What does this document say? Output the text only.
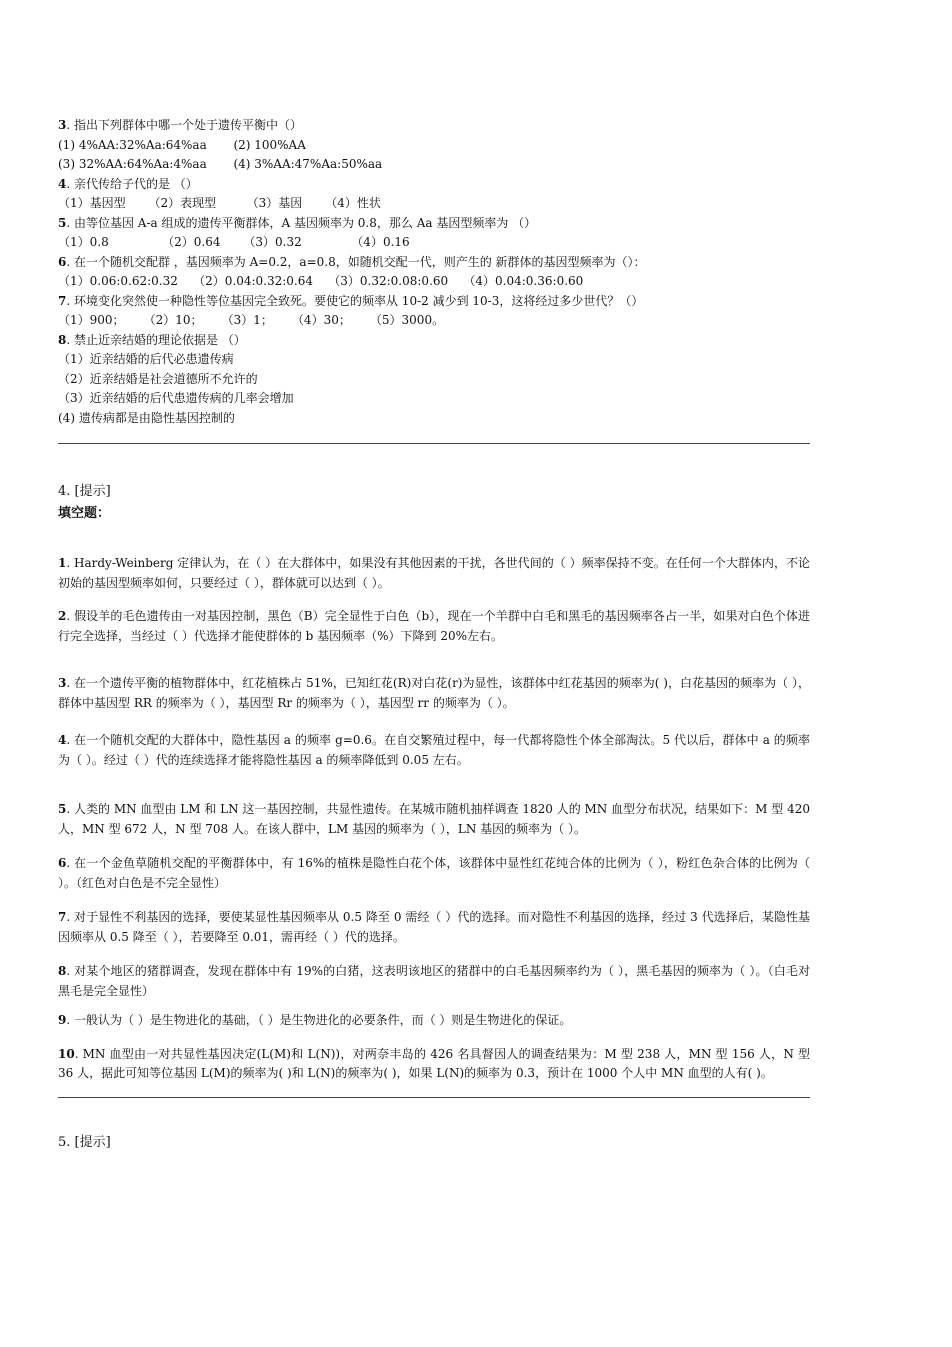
3. 指出下列群体中哪一个处于遗传平衡中（）
(1) 4%AA:32%Aa:64%aa       (2) 100%AA
(3) 32%AA:64%Aa:4%aa       (4) 3%AA:47%Aa:50%aa
4. 亲代传给子代的是 （）
（1）基因型      （2）表现型        （3）基因      （4）性状
5. 由等位基因 A-a 组成的遗传平衡群体，A 基因频率为 0.8，那么 Aa 基因型频率为 （）
（1）0.8              （2）0.64      （3）0.32             （4）0.16
6. 在一个随机交配群 ，基因频率为 A=0.2，a=0.8，如随机交配一代，则产生的 新群体的基因型频率为（）：
（1）0.06:0.62:0.32    （2）0.04:0.32:0.64    （3）0.32:0.08:0.60    （4）0.04:0.36:0.60
7. 环境变化突然使一种隐性等位基因完全致死。要使它的频率从 10-2 减少到 10-3，这将经过多少世代？（）
（1）900；     （2）10；     （3）1；     （4）30；     （5）3000。
8. 禁止近亲结婚的理论依据是 （）
（1）近亲结婚的后代必患遗传病
（2）近亲结婚是社会道德所不允许的
（3）近亲结婚的后代患遗传病的几率会增加
(4) 遗传病都是由隐性基因控制的
4. [提示]
填空题：
1. Hardy-Weinberg 定律认为，在（ ）在大群体中，如果没有其他因素的干扰，各世代间的（ ）频率保持不变。在任何一个大群体内，不论初始的基因型频率如何，只要经过（ ），群体就可以达到（ ）。
2. 假设羊的毛色遗传由一对基因控制，黑色（B）完全显性于白色（b），现在一个羊群中白毛和黑毛的基因频率各占一半，如果对白色个体进行完全选择，当经过（ ）代选择才能使群体的 b 基因频率（%）下降到 20%左右。
3. 在一个遗传平衡的植物群体中，红花植株占 51%，已知红花(R)对白花(r)为显性，该群体中红花基因的频率为( )，白花基因的频率为（ ），群体中基因型 RR 的频率为（ ），基因型 Rr 的频率为（ ），基因型 rr 的频率为（ ）。
4. 在一个随机交配的大群体中，隐性基因 a 的频率 g=0.6。在自交繁殖过程中，每一代都将隐性个体全部淘汰。5 代以后，群体中 a 的频率为（ ）。经过（ ）代的连续选择才能将隐性基因 a 的频率降低到 0.05 左右。
5. 人类的 MN 血型由 LM 和 LN 这一基因控制，共显性遗传。在某城市随机抽样调查 1820 人的 MN 血型分布状况，结果如下：M 型 420 人，MN 型 672 人，N 型 708 人。在该人群中，LM 基因的频率为（ ），LN 基因的频率为（ ）。
6. 在一个金鱼草随机交配的平衡群体中，有 16%的植株是隐性白花个体，该群体中显性红花纯合体的比例为（ ），粉红色杂合体的比例为（ ）。（红色对白色是不完全显性）
7. 对于显性不利基因的选择，要使某显性基因频率从 0.5 降至 0 需经（ ）代的选择。而对隐性不利基因的选择，经过 3 代选择后，某隐性基因频率从 0.5 降至（ ），若要降至 0.01，需再经（ ）代的选择。
8. 对某个地区的猪群调查，发现在群体中有 19%的白猪，这表明该地区的猪群中的白毛基因频率约为（ ），黑毛基因的频率为（ ）。（白毛对黑毛是完全显性）
9. 一般认为（ ）是生物进化的基础，（ ）是生物进化的必要条件，而（ ）则是生物进化的保证。
10. MN 血型由一对共显性基因决定(L(M)和 L(N))，对两奈丰岛的 426 名具督因人的调查结果为：M 型 238 人，MN 型 156 人，N 型 36 人，据此可知等位基因 L(M)的频率为( )和 L(N)的频率为( )，如果 L(N)的频率为 0.3，预计在 1000 个人中 MN 血型的人有( )。
5. [提示]
